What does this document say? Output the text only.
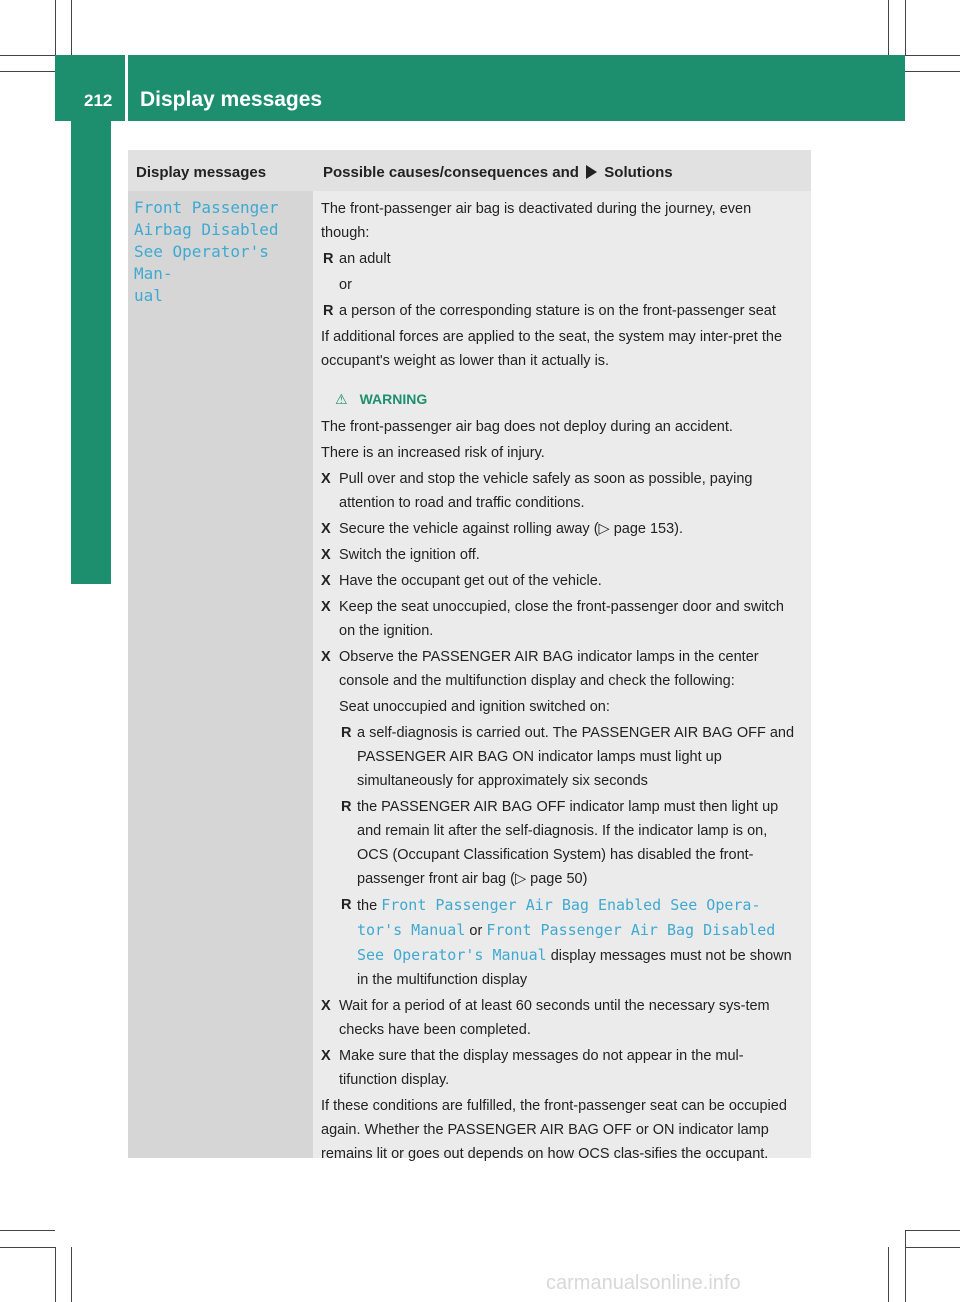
212 Display messages
On-board computer and displays
Display messages	Possible causes/consequences and Solutions
Front Passenger
Airbag Disabled
See Operator's Man‐
ual
The front-passenger air bag is deactivated during the journey, even though:
R an adult
or
R a person of the corresponding stature is on the front-passenger seat
If additional forces are applied to the seat, the system may inter-pret the occupant's weight as lower than it actually is.
⚠ WARNING
The front-passenger air bag does not deploy during an accident.
There is an increased risk of injury.
X Pull over and stop the vehicle safely as soon as possible, paying attention to road and traffic conditions.
X Secure the vehicle against rolling away (▷ page 153).
X Switch the ignition off.
X Have the occupant get out of the vehicle.
X Keep the seat unoccupied, close the front-passenger door and switch on the ignition.
X Observe the PASSENGER AIR BAG indicator lamps in the center console and the multifunction display and check the following:
Seat unoccupied and ignition switched on:
R a self-diagnosis is carried out. The PASSENGER AIR BAG OFF and PASSENGER AIR BAG ON indicator lamps must light up simultaneously for approximately six seconds
R the PASSENGER AIR BAG OFF indicator lamp must then light up and remain lit after the self-diagnosis. If the indicator lamp is on, OCS (Occupant Classification System) has disabled the front-passenger front air bag (▷ page 50)
R the Front Passenger Air Bag Enabled See Opera‐tor's Manual or Front Passenger Air Bag Disabled See Operator's Manual display messages must not be shown in the multifunction display
X Wait for a period of at least 60 seconds until the necessary sys-tem checks have been completed.
X Make sure that the display messages do not appear in the mul-tifunction display.
If these conditions are fulfilled, the front-passenger seat can be occupied again. Whether the PASSENGER AIR BAG OFF or ON indicator lamp remains lit or goes out depends on how OCS clas-sifies the occupant.
carmanualsonline.info
